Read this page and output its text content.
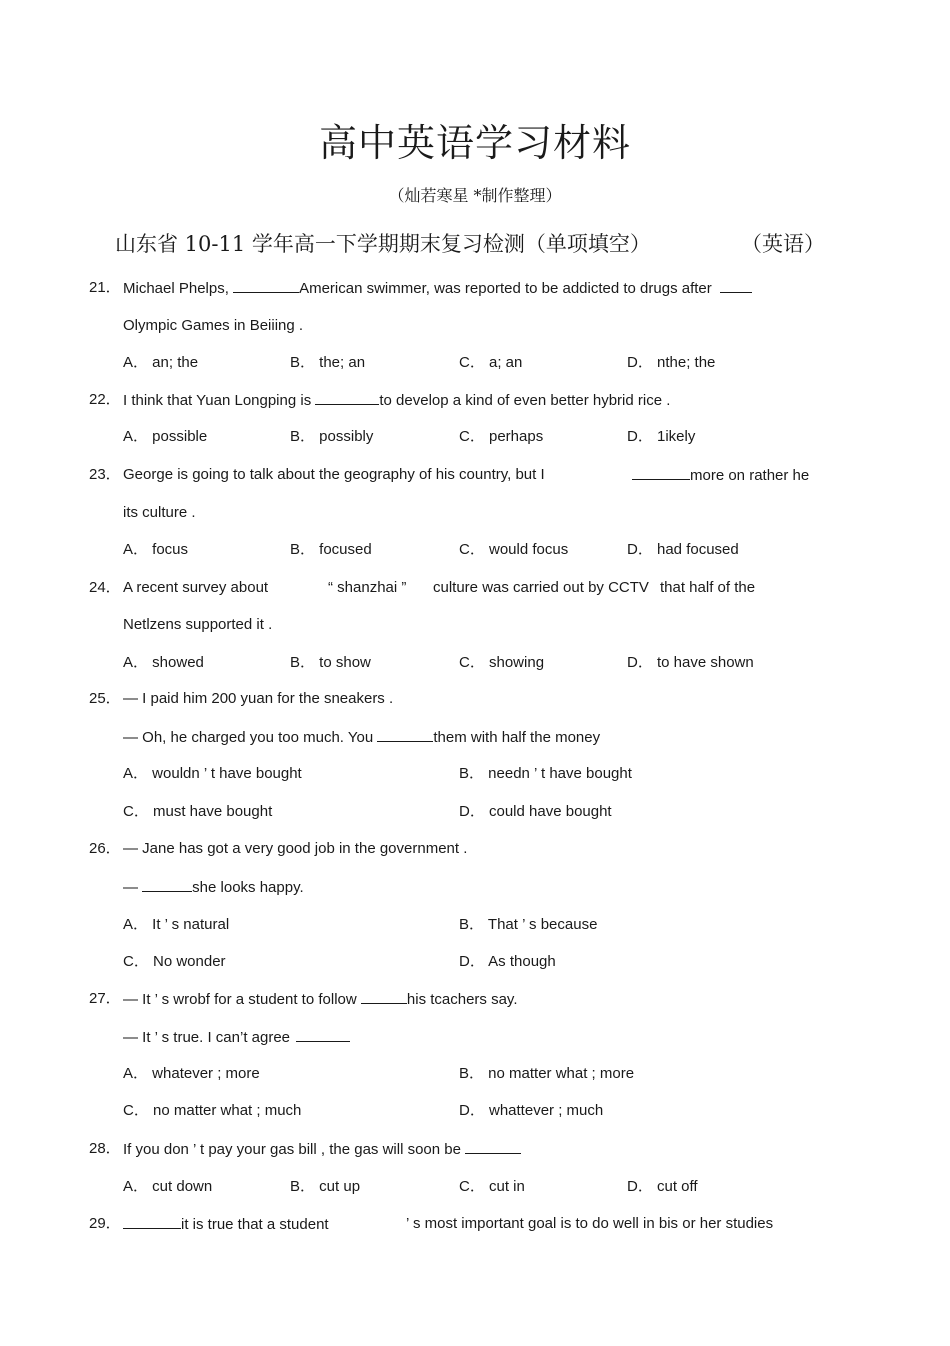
高中英语学习材料
（灿若寒星 *制作整理）
山东省 10-11 学年高一下学期期末复习检测（单项填空）	（英语）
21． Michael Phelps,	American swimmer, was reported to be addicted to drugs after
Olympic Games in Beiiing .
A． an; the	B． the; an	C． a; an	D． nthe; the
22． I think that Yuan Longping is	to develop a kind of even better hybrid rice .
A． possible	B． possibly	C． perhaps	D． 1ikely
23． George is going to talk about the geography of his country, but I	more on rather he
its culture .
A． focus	B． focused	C． would focus	D． had focused
24． A recent survey about	“ shanzhai ” culture was carried out by CCTV that half of the
Netlzens supported it .
A． showed	B． to show	C． showing	D． to have shown
25． — I paid him 200 yuan for the sneakers .
— Oh, he charged you too much. You	them with half the money
A． wouldn ’ t have bought	B． needn ’ t have bought
C． must have bought	D． could have bought
26． — Jane has got a very good job in the government .
—	she looks happy.
A． It ’ s natural	B． That ’ s because
C． No wonder	D． As though
27． — It ’ s wrobf for a student to follow	his tcachers say.
— It ’ s true. I can’t agree
A． whatever ; more	B． no matter what ; more
C． no matter what ; much	D． whattever ; much
28． If you don ’ t pay your gas bill , the gas will soon be
A． cut down	B． cut up	C． cut in	D． cut off
29．	it is true that a student	’ s most important goal is to do well in bis or her studies
